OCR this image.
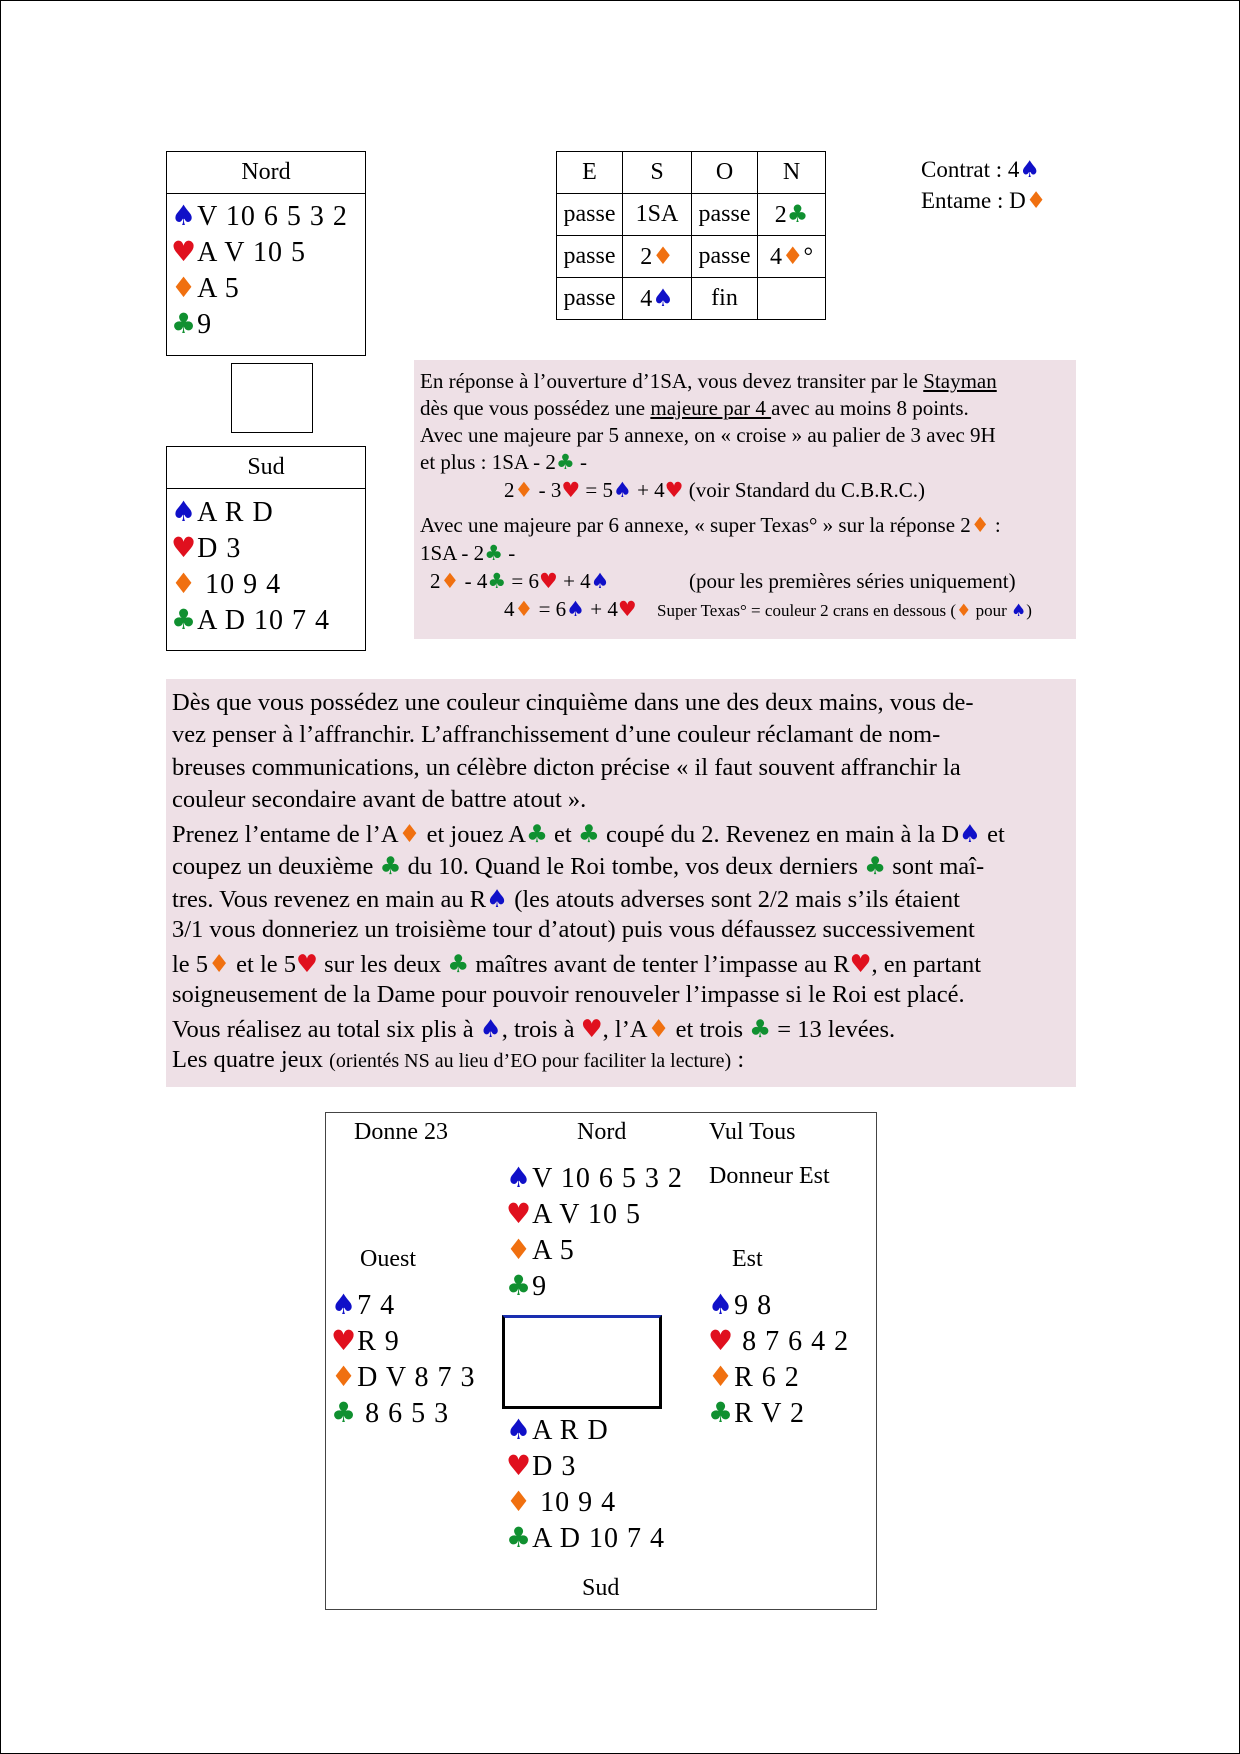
Nord
♠V 10 6 5 3 2
♥A V 10 5
♦A 5
♣9
Sud
♠A R D
♥D 3
♦ 10 9 4
♣A D 10 7 4
E	S	O	N
passe	1SA	passe	2♣
passe	2♦	passe	4♦°
passe	4♠	fin	
Contrat : 4♠
Entame : D♦
En réponse à l’ouverture d’1SA, vous devez transiter par le Stayman
dès que vous possédez une majeure par 4 avec au moins 8 points.
Avec une majeure par 5 annexe, on « croise » au palier de 3 avec 9H
et plus : 1SA - 2♣ -
2♦ - 3♥ = 5♠ + 4♥ (voir Standard du C.B.R.C.)
Avec une majeure par 6 annexe, « super Texas° » sur la réponse 2♦ :
1SA - 2♣ -
2♦ - 4♣ = 6♥ + 4♠	(pour les premières séries uniquement)
4♦ = 6♠ + 4♥ Super Texas° = couleur 2 crans en dessous (♦ pour ♠)
Dès que vous possédez une couleur cinquième dans une des deux mains, vous de-
vez penser à l’affranchir. L’affranchissement d’une couleur réclamant de nom-
breuses communications, un célèbre dicton précise « il faut souvent affranchir la
couleur secondaire avant de battre atout ».
Prenez l’entame de l’A♦ et jouez A♣ et ♣ coupé du 2. Revenez en main à la D♠ et
coupez un deuxième ♣ du 10. Quand le Roi tombe, vos deux derniers ♣ sont maî-
tres. Vous revenez en main au R♠ (les atouts adverses sont 2/2 mais s’ils étaient
3/1 vous donneriez un troisième tour d’atout) puis vous défaussez successivement
le 5♦ et le 5♥ sur les deux ♣ maîtres avant de tenter l’impasse au R♥, en partant
soigneusement de la Dame pour pouvoir renouveler l’impasse si le Roi est placé.
Vous réalisez au total six plis à ♠, trois à ♥, l’A♦ et trois ♣ = 13 levées.
Les quatre jeux (orientés NS au lieu d’EO pour faciliter la lecture) :
Donne 23	Nord	Vul Tous
Donneur Est
Ouest	Est
Sud
♠V 10 6 5 3 2
♥A V 10 5
♦A 5
♣9
♠7 4
♥R 9
♦D V 8 7 3
♣ 8 6 5 3
♠9 8
♥ 8 7 6 4 2
♦R 6 2
♣R V 2
♠A R D
♥D 3
♦ 10 9 4
♣A D 10 7 4
